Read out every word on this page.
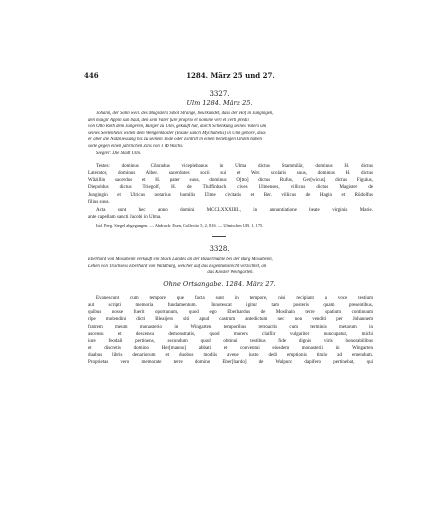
446	1284. März 25 und 27.
3327.
Ulm 1284. März 25.
Johann, der Sohn weil. des Magisters Sibot Strange, beurkundet, dass der Hof in Jungingen,
den maigir Appin sun baut, den sein Vater ſure proprio et nomine veri et certi predii
von Otto Roth dem Jüngeren, Bürger zu Ulm, gekauft hat, durch Schenkung seines Vaters um
seines Seelenheils willen dem Wengenkloster (Insule sancti Mychahelis) in Ulm gehöre, dass
er aber die Nutzniessung bis zu seinem Tode oder Eintritt in einen beliebigen Orden haben
solle gegen einen jährlichen Zins von 1 ℔ Wachs.
Siegler: Die Stadt Ulm.
Testes: dominus Cůnradus viceplebanus in Ulma dictus Stammilär, dominus H. dictus
Laterator, dominus Alber. sacerdotes socii sui et Wer. scolaris suus, dominus H. dictus
Wåzillin sacerdos et H. pater suus, dominus O[tto] dictus Rufus, Ger[wicus] dictus Figulus,
Diepoldus dictus Triegolf, H. de Tluffinbach cives Ulmenses, villicus dictus Magister de
Jungingin et Ulricus notarius humilis Ůlme civitatis et Ber. villicus de Hagin et Rūdolfus
filius suus.
Acta sunt hec anno domini MCCLXXXIIII., in annuntiatione beate virginis Marie.
ante capellam sancti Jacobi in Ulma.
Ital. Perg. Siegel abgegangen. — Abdruck: Esen, Collectio 5, 2, 816. — Ulmisches UB. 1, 175.
3328.
Eberhard von Mosaheim verkauft ein Stück Landes an der Bizaermühle bei der Burg Mosaheim,
Lehen von Truchsess Eberhard von Waldburg, welcher auf das Eigentumsrecht verzichtet, an
das Kloster Weingarten.
Ohne Ortsangabe. 1284. März 27.
Evanescunt cum tempore que facta sunt in tempore, nisi recipiant a voce testium
aut scripti memoria fundamentum. Innotescat igitur tam posteris quam presentibus,
quibus nosse fuerit oportunum, quod ego Eberhardus de Mosihain terre spatium continuum
ripe molendini dicti Bleaijers siti apud castrum antedictum nec non venditi per Johannem
fratrem meum monasterio in Wingarten temporibus retroactis cum terminis metarum in
ascensu et descensu demonstratis, quod murers claifiir vulgariter nuncupatur, michi
iure feodali pertinens, secundum quod obtinui testibus fide dignis viris honorabilibus
et discretis domino Her[manno] abbati et conventui eiusdem monasterii in Wingarten
duabus libris denariorum et duobus modiis avene iusto dedi emptionis titulo ad emendum.
Proprietas vero memorate terre domino Eber[hardo] de Walpurc dapifero pertinebat, qui
